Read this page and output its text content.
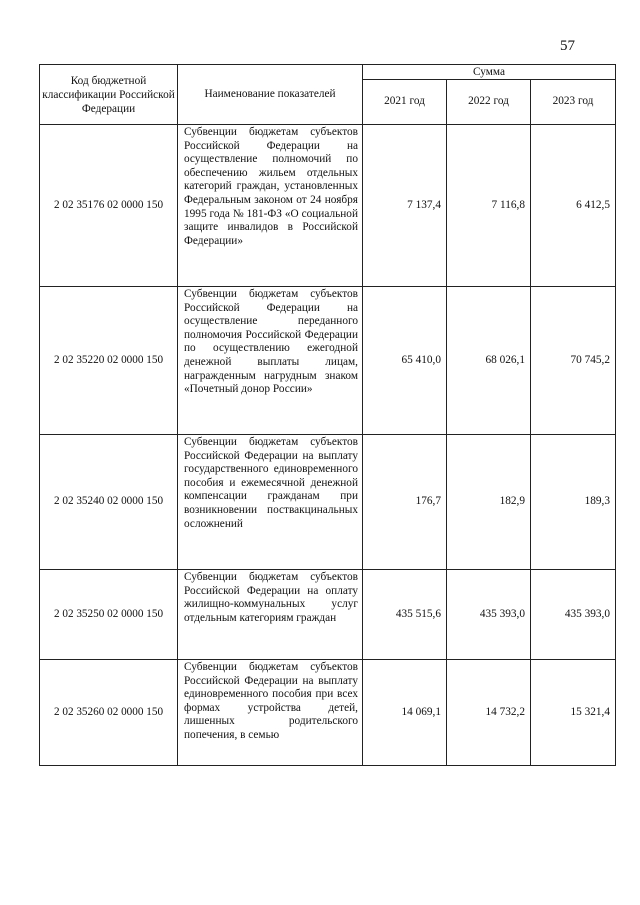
57
Код бюджетной классификации Российской Федерации	Наименование показателей	Сумма		
		2021 год	2022 год	2023 год
2 02 35176 02 0000 150	Субвенции бюджетам субъектов Российской Федерации на осуществление полномочий по обеспечению жильем отдельных категорий граждан, установленных Федеральным законом от 24 ноября 1995 года № 181-ФЗ «О социальной защите инвалидов в Российской Федерации»	7 137,4	7 116,8	6 412,5
2 02 35220 02 0000 150	Субвенции бюджетам субъектов Российской Федерации на осуществление переданного полномочия Российской Федерации по осуществлению ежегодной денежной выплаты лицам, награжденным нагрудным знаком «Почетный донор России»	65 410,0	68 026,1	70 745,2
2 02 35240 02 0000 150	Субвенции бюджетам субъектов Российской Федерации на выплату государственного единовременного пособия и ежемесячной денежной компенсации гражданам при возникновении поствакцинальных осложнений	176,7	182,9	189,3
2 02 35250 02 0000 150	Субвенции бюджетам субъектов Российской Федерации на оплату жилищно-коммунальных услуг отдельным категориям граждан	435 515,6	435 393,0	435 393,0
2 02 35260 02 0000 150	Субвенции бюджетам субъектов Российской Федерации на выплату единовременного пособия при всех формах устройства детей, лишенных родительского попечения, в семью	14 069,1	14 732,2	15 321,4
